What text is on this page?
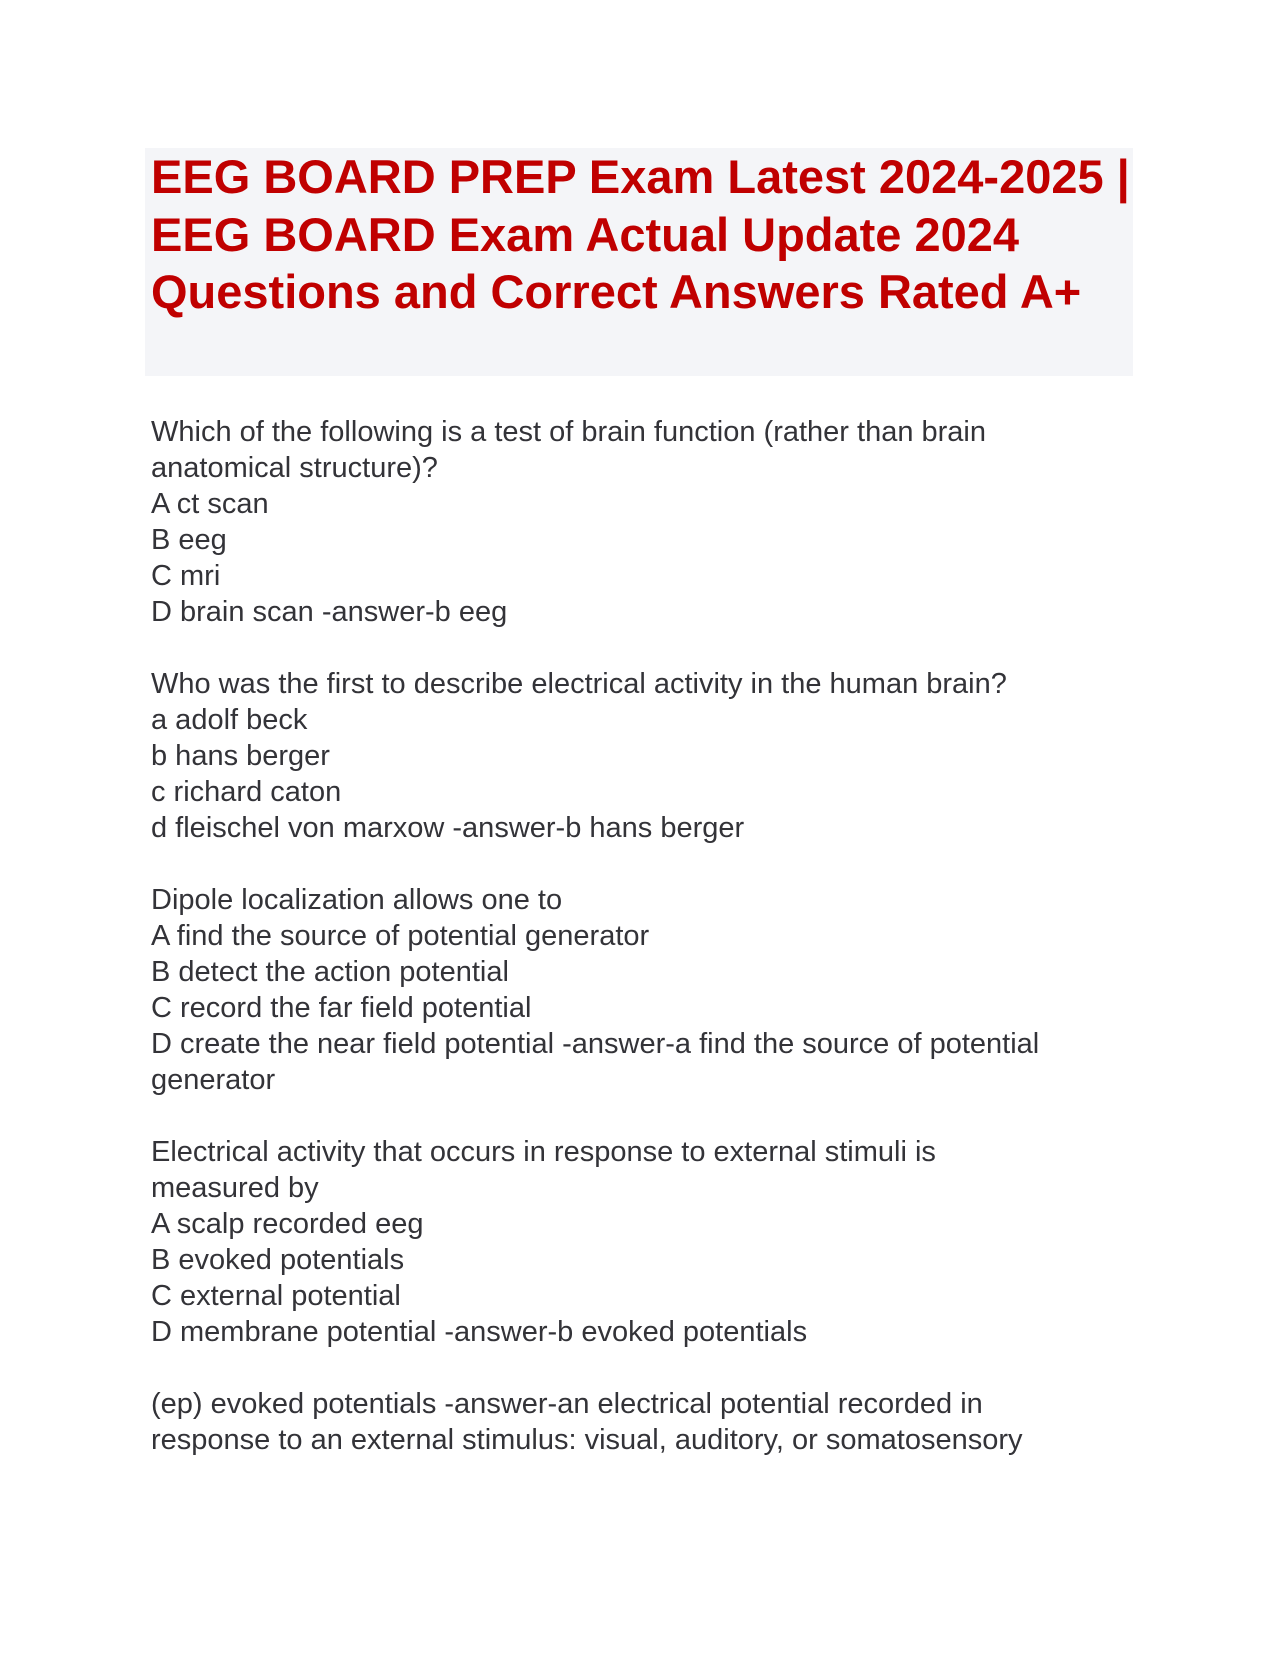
EEG BOARD PREP Exam Latest 2024-2025 | EEG BOARD Exam Actual Update 2024 Questions and Correct Answers Rated A+
Which of the following is a test of brain function (rather than brain
anatomical structure)?
A ct scan
B eeg
C mri
D brain scan -answer-b eeg
Who was the first to describe electrical activity in the human brain?
a adolf beck
b hans berger
c richard caton
d fleischel von marxow -answer-b hans berger
Dipole localization allows one to
A find the source of potential generator
B detect the action potential
C record the far field potential
D create the near field potential -answer-a find the source of potential
generator
Electrical activity that occurs in response to external stimuli is
measured by
A scalp recorded eeg
B evoked potentials
C external potential
D membrane potential -answer-b evoked potentials
(ep) evoked potentials -answer-an electrical potential recorded in
response to an external stimulus: visual, auditory, or somatosensory
